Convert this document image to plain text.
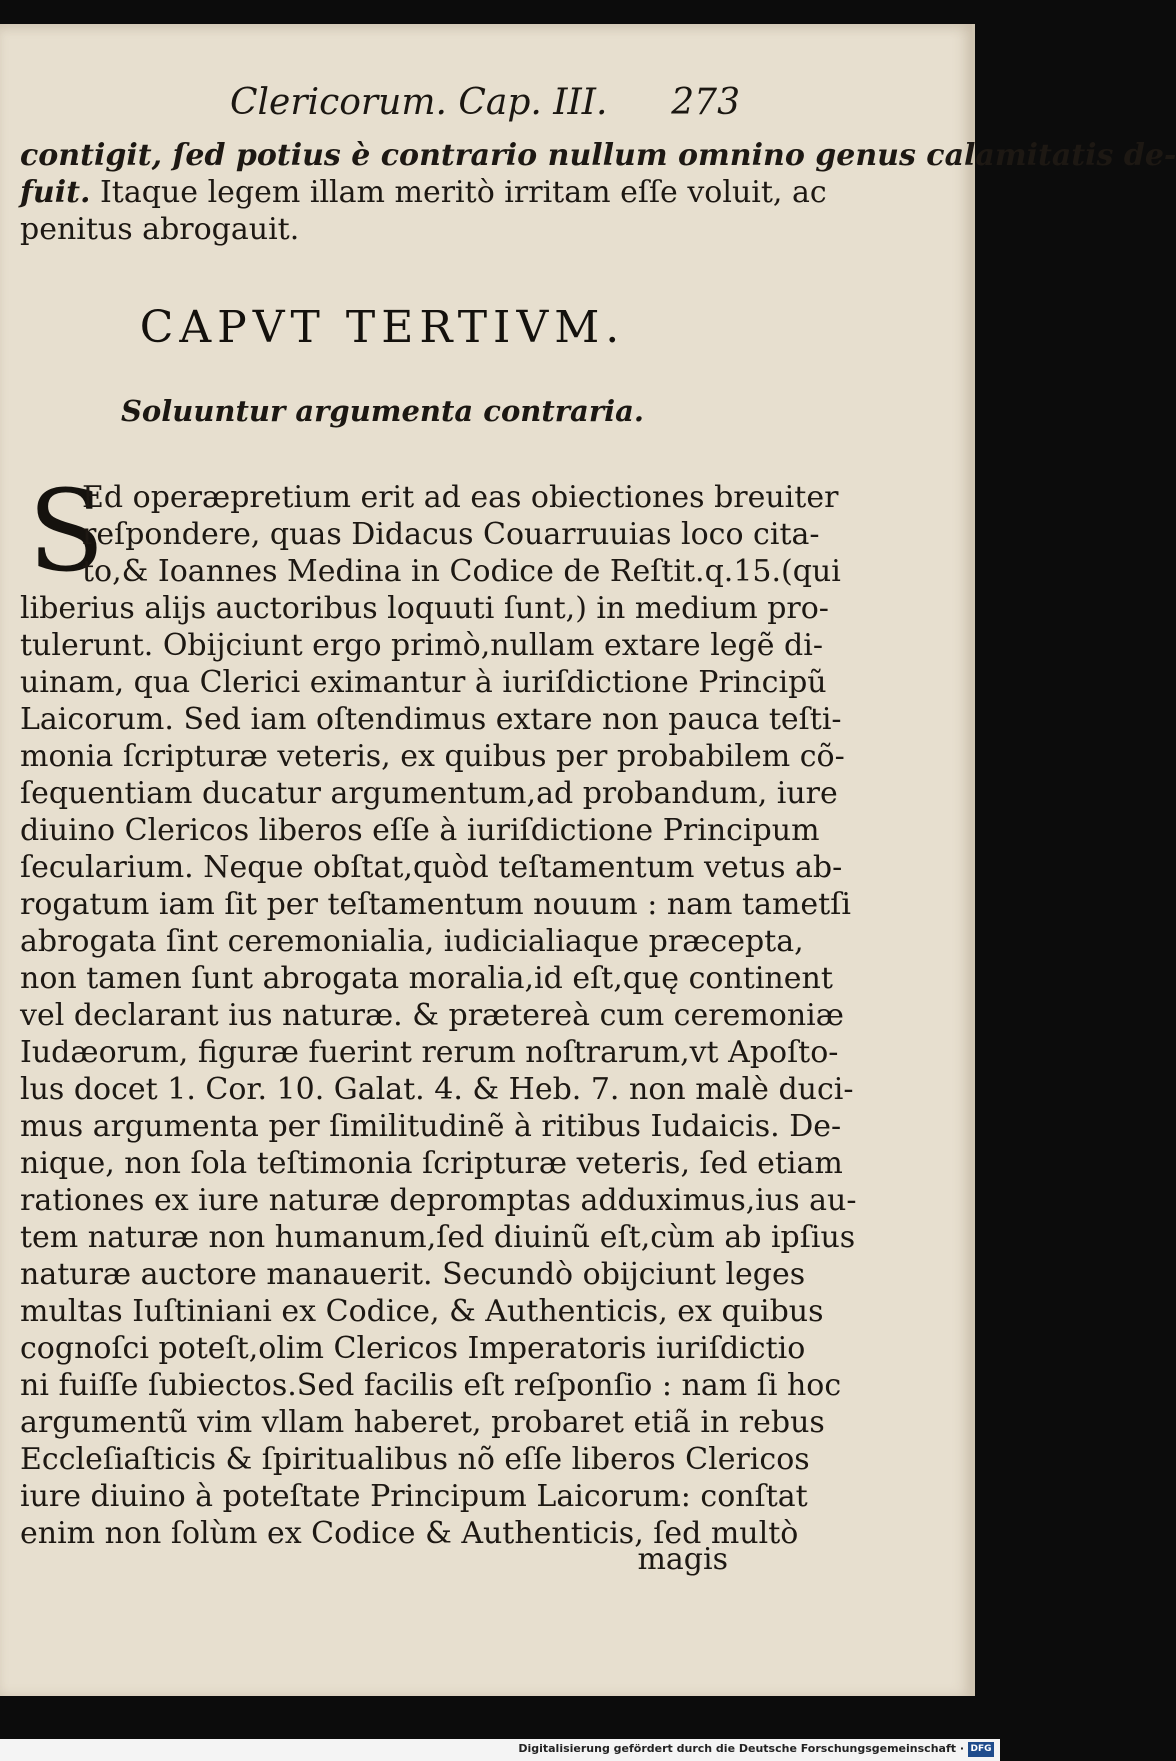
Clericorum. Cap. III. 273
contigit, ſed potius è contrario nullum omnino genus calamitatis de-
fuit. Itaque legem illam meritò irritam eſſe voluit, ac
penitus abrogauit.
CAPVT TERTIVM.
Soluuntur argumenta contraria.
S
Ed operæpretium erit ad eas obiectiones breuiter
reſpondere, quas Didacus Couarruuias loco cita-
to,& Ioannes Medina in Codice de Reſtit.q.15.(qui
liberius alijs auctoribus loquuti ſunt,) in medium pro-
tulerunt. Obijciunt ergo primò,nullam extare legẽ di-
uinam, qua Clerici eximantur à iuriſdictione Principũ
Laicorum. Sed iam oſtendimus extare non pauca teſti-
monia ſcripturæ veteris, ex quibus per probabilem cõ-
ſequentiam ducatur argumentum,ad probandum, iure
diuino Clericos liberos eſſe à iuriſdictione Principum
ſecularium. Neque obſtat,quòd teſtamentum vetus ab-
rogatum iam ſit per teſtamentum nouum : nam tametſi
abrogata ſint ceremonialia, iudicialiaque præcepta,
non tamen ſunt abrogata moralia,id eſt,quę continent
vel declarant ius naturæ. & prætereà cum ceremoniæ
Iudæorum, figuræ fuerint rerum noſtrarum,vt Apoſto-
lus docet 1. Cor. 10. Galat. 4. & Heb. 7. non malè duci-
mus argumenta per ſimilitudinẽ à ritibus Iudaicis. De-
nique, non ſola teſtimonia ſcripturæ veteris, ſed etiam
rationes ex iure naturæ depromptas adduximus,ius au-
tem naturæ non humanum,ſed diuinũ eſt,cùm ab ipſius
naturæ auctore manauerit. Secundò obijciunt leges
multas Iuſtiniani ex Codice, & Authenticis, ex quibus
cognoſci poteſt,olim Clericos Imperatoris iuriſdictio
ni fuiſſe ſubiectos.Sed facilis eſt reſponſio : nam ſi hoc
argumentũ vim vllam haberet, probaret etiã in rebus
Eccleſiaſticis & ſpiritualibus nõ eſſe liberos Clericos
iure diuino à poteſtate Principum Laicorum: conſtat
enim non ſolùm ex Codice & Authenticis, ſed multò
magis
Digitalisierung gefördert durch die Deutsche Forschungsgemeinschaft · DFG
